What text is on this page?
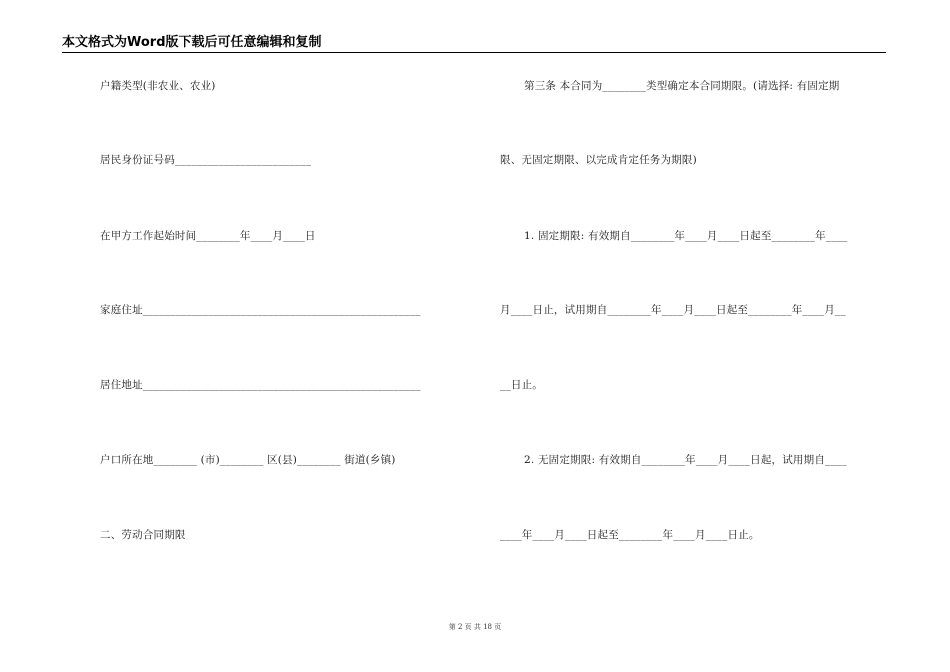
本文格式为Word版下载后可任意编辑和复制
户籍类型(非农业、农业)
居民身份证号码_________________________
在甲方工作起始时间________年____月____日
家庭住址___________________________________________________
居住地址___________________________________________________
户口所在地________ (市)________ 区(县)________ 街道(乡镇)
二、劳动合同期限
第三条 本合同为________类型确定本合同期限。(请选择: 有固定期
限、无固定期限、以完成肯定任务为期限)
1. 固定期限: 有效期自________年____月____日起至________年____
月____日止，试用期自________年____月____日起至________年____月__
__日止。
2. 无固定期限: 有效期自________年____月____日起，试用期自____
____年____月____日起至________年____月____日止。
第 2 页 共 18 页
